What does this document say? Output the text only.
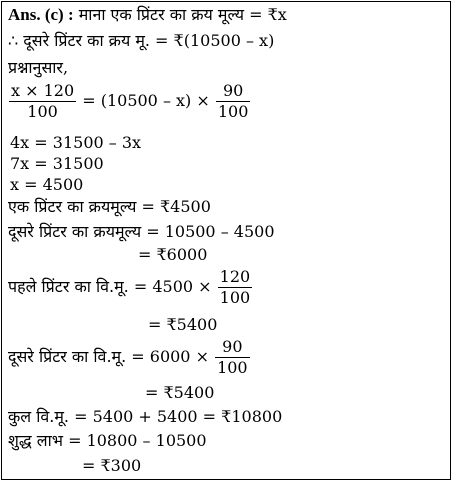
Ans. (c) : माना एक प्रिंटर का क्रय मूल्य = ₹x
∴ दूसरे प्रिंटर का क्रय मू. = ₹(10500 – x)
प्रश्नानुसार,
$\frac{x \times 120}{100} = (10500 - x) \times \frac{90}{100}$
4x = 31500 – 3x
7x = 31500
x = 4500
एक प्रिंटर का क्रयमूल्य = ₹4500
दूसरे प्रिंटर का क्रयमूल्य = 10500 – 4500
= ₹6000
पहले प्रिंटर का वि.मू. = $4500 \times \frac{120}{100}$
= ₹5400
दूसरे प्रिंटर का वि.मू. = $6000 \times \frac{90}{100}$
= ₹5400
कुल वि.मू. = 5400 + 5400 = ₹10800
शुद्ध लाभ = 10800 – 10500
= ₹300
